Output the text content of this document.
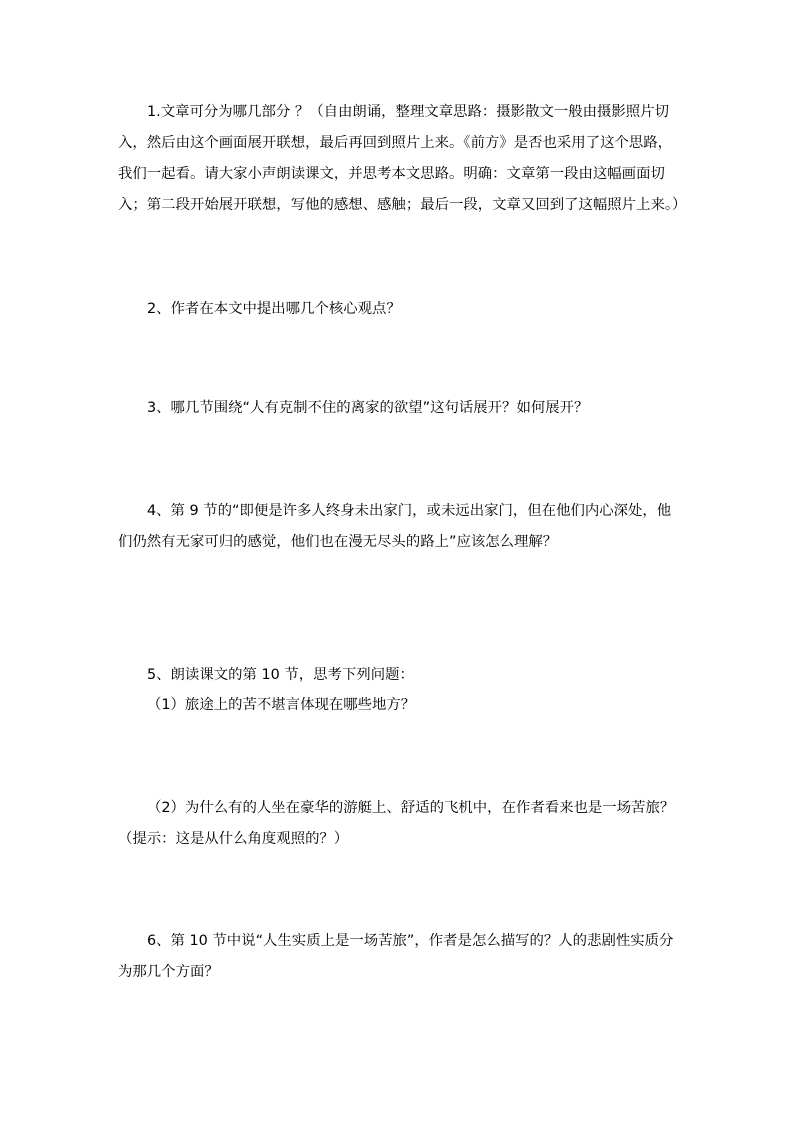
1.文章可分为哪几部分 ？（自由朗诵，整理文章思路：摄影散文一般由摄影照片切入，然后由这个画面展开联想，最后再回到照片上来。《前方》是否也采用了这个思路，我们一起看。请大家小声朗读课文，并思考本文思路。明确：文章第一段由这幅画面切入；第二段开始展开联想，写他的感想、感触；最后一段，文章又回到了这幅照片上来。）

2、作者在本文中提出哪几个核心观点？

3、哪几节围绕“人有克制不住的离家的欲望”这句话展开？如何展开？

4、第 9 节的“即便是许多人终身未出家门，或未远出家门，但在他们内心深处，他们仍然有无家可归的感觉，他们也在漫无尽头的路上”应该怎么理解？

5、朗读课文的第 10 节，思考下列问题：

（1）旅途上的苦不堪言体现在哪些地方？

（2）为什么有的人坐在豪华的游艇上、舒适的飞机中，在作者看来也是一场苦旅？（提示：这是从什么角度观照的？）

6、第 10 节中说“人生实质上是一场苦旅”，作者是怎么描写的？人的悲剧性实质分为那几个方面？
